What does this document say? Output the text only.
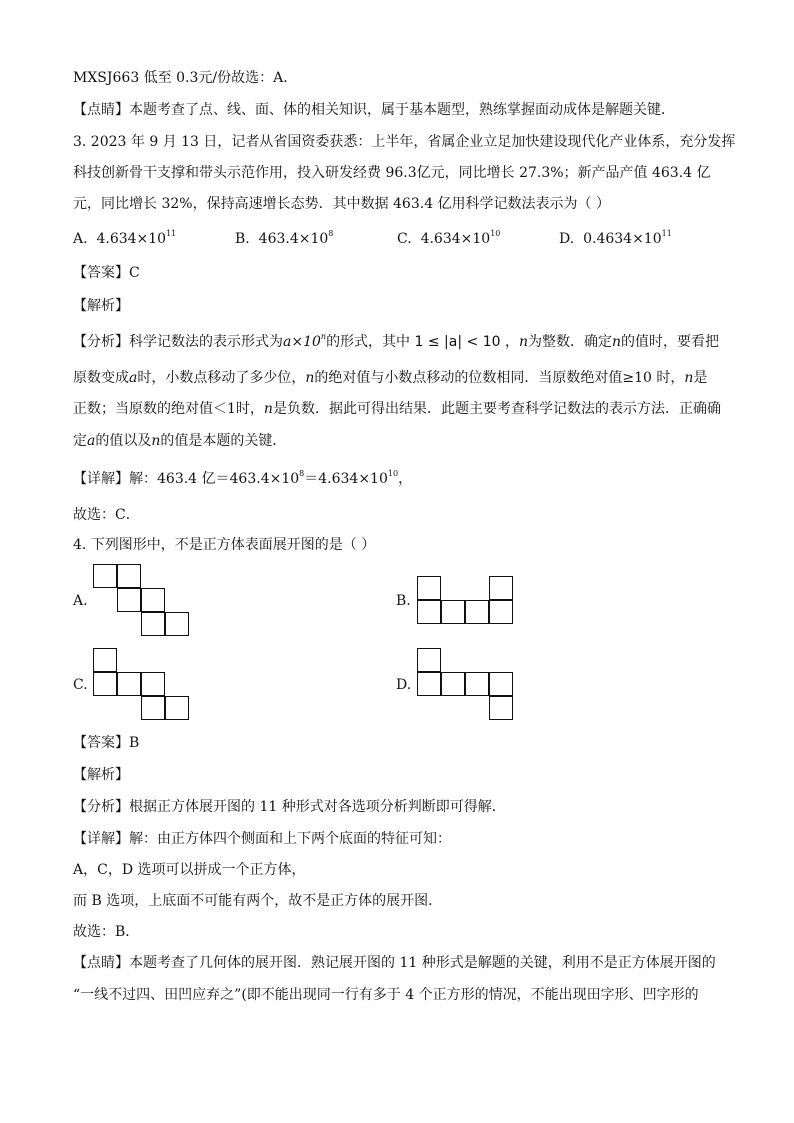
MXSJ663 低至 0.3元/份故选：A．
【点睛】本题考查了点、线、面、体的相关知识，属于基本题型，熟练掌握面动成体是解题关键．
3. 2023 年 9 月 13 日，记者从省国资委获悉：上半年，省属企业立足加快建设现代化产业体系，充分发挥
科技创新骨干支撑和带头示范作用，投入研发经费 96.3亿元，同比增长 27.3%；新产品产值 463.4 亿
元，同比增长 32%，保持高速增长态势．其中数据 463.4 亿用科学记数法表示为（ ）
A. $4.634\times 10^{11}$	B. $463.4\times 10^8$	C. $4.634\times 10^{10}$	D. $0.4634\times 10^{11}$
【答案】C
【解析】
【分析】科学记数法的表示形式为$a\times 10^n$的形式，其中 1 ≤ |a| < 10 ，n为整数．确定n的值时，要看把
原数变成a时，小数点移动了多少位，n的绝对值与小数点移动的位数相同．当原数绝对值≥10 时，n是
正数；当原数的绝对值＜1时，n是负数．据此可得出结果．此题主要考查科学记数法的表示方法．正确确
定a的值以及n的值是本题的关键．
【详解】解：463.4 亿$=463.4\times 10^8=4.634\times 10^{10}$，
故选：C．
4. 下列图形中，不是正方体表面展开图的是（ ）
A.	B.
C.	D.
【答案】B
【解析】
【分析】根据正方体展开图的 11 种形式对各选项分析判断即可得解．
【详解】解：由正方体四个侧面和上下两个底面的特征可知：
A，C，D 选项可以拼成一个正方体，
而 B 选项，上底面不可能有两个，故不是正方体的展开图．
故选：B．
【点睛】本题考查了几何体的展开图．熟记展开图的 11 种形式是解题的关键，利用不是正方体展开图的
“一线不过四、田凹应弃之”(即不能出现同一行有多于 4 个正方形的情况，不能出现田字形、凹字形的
